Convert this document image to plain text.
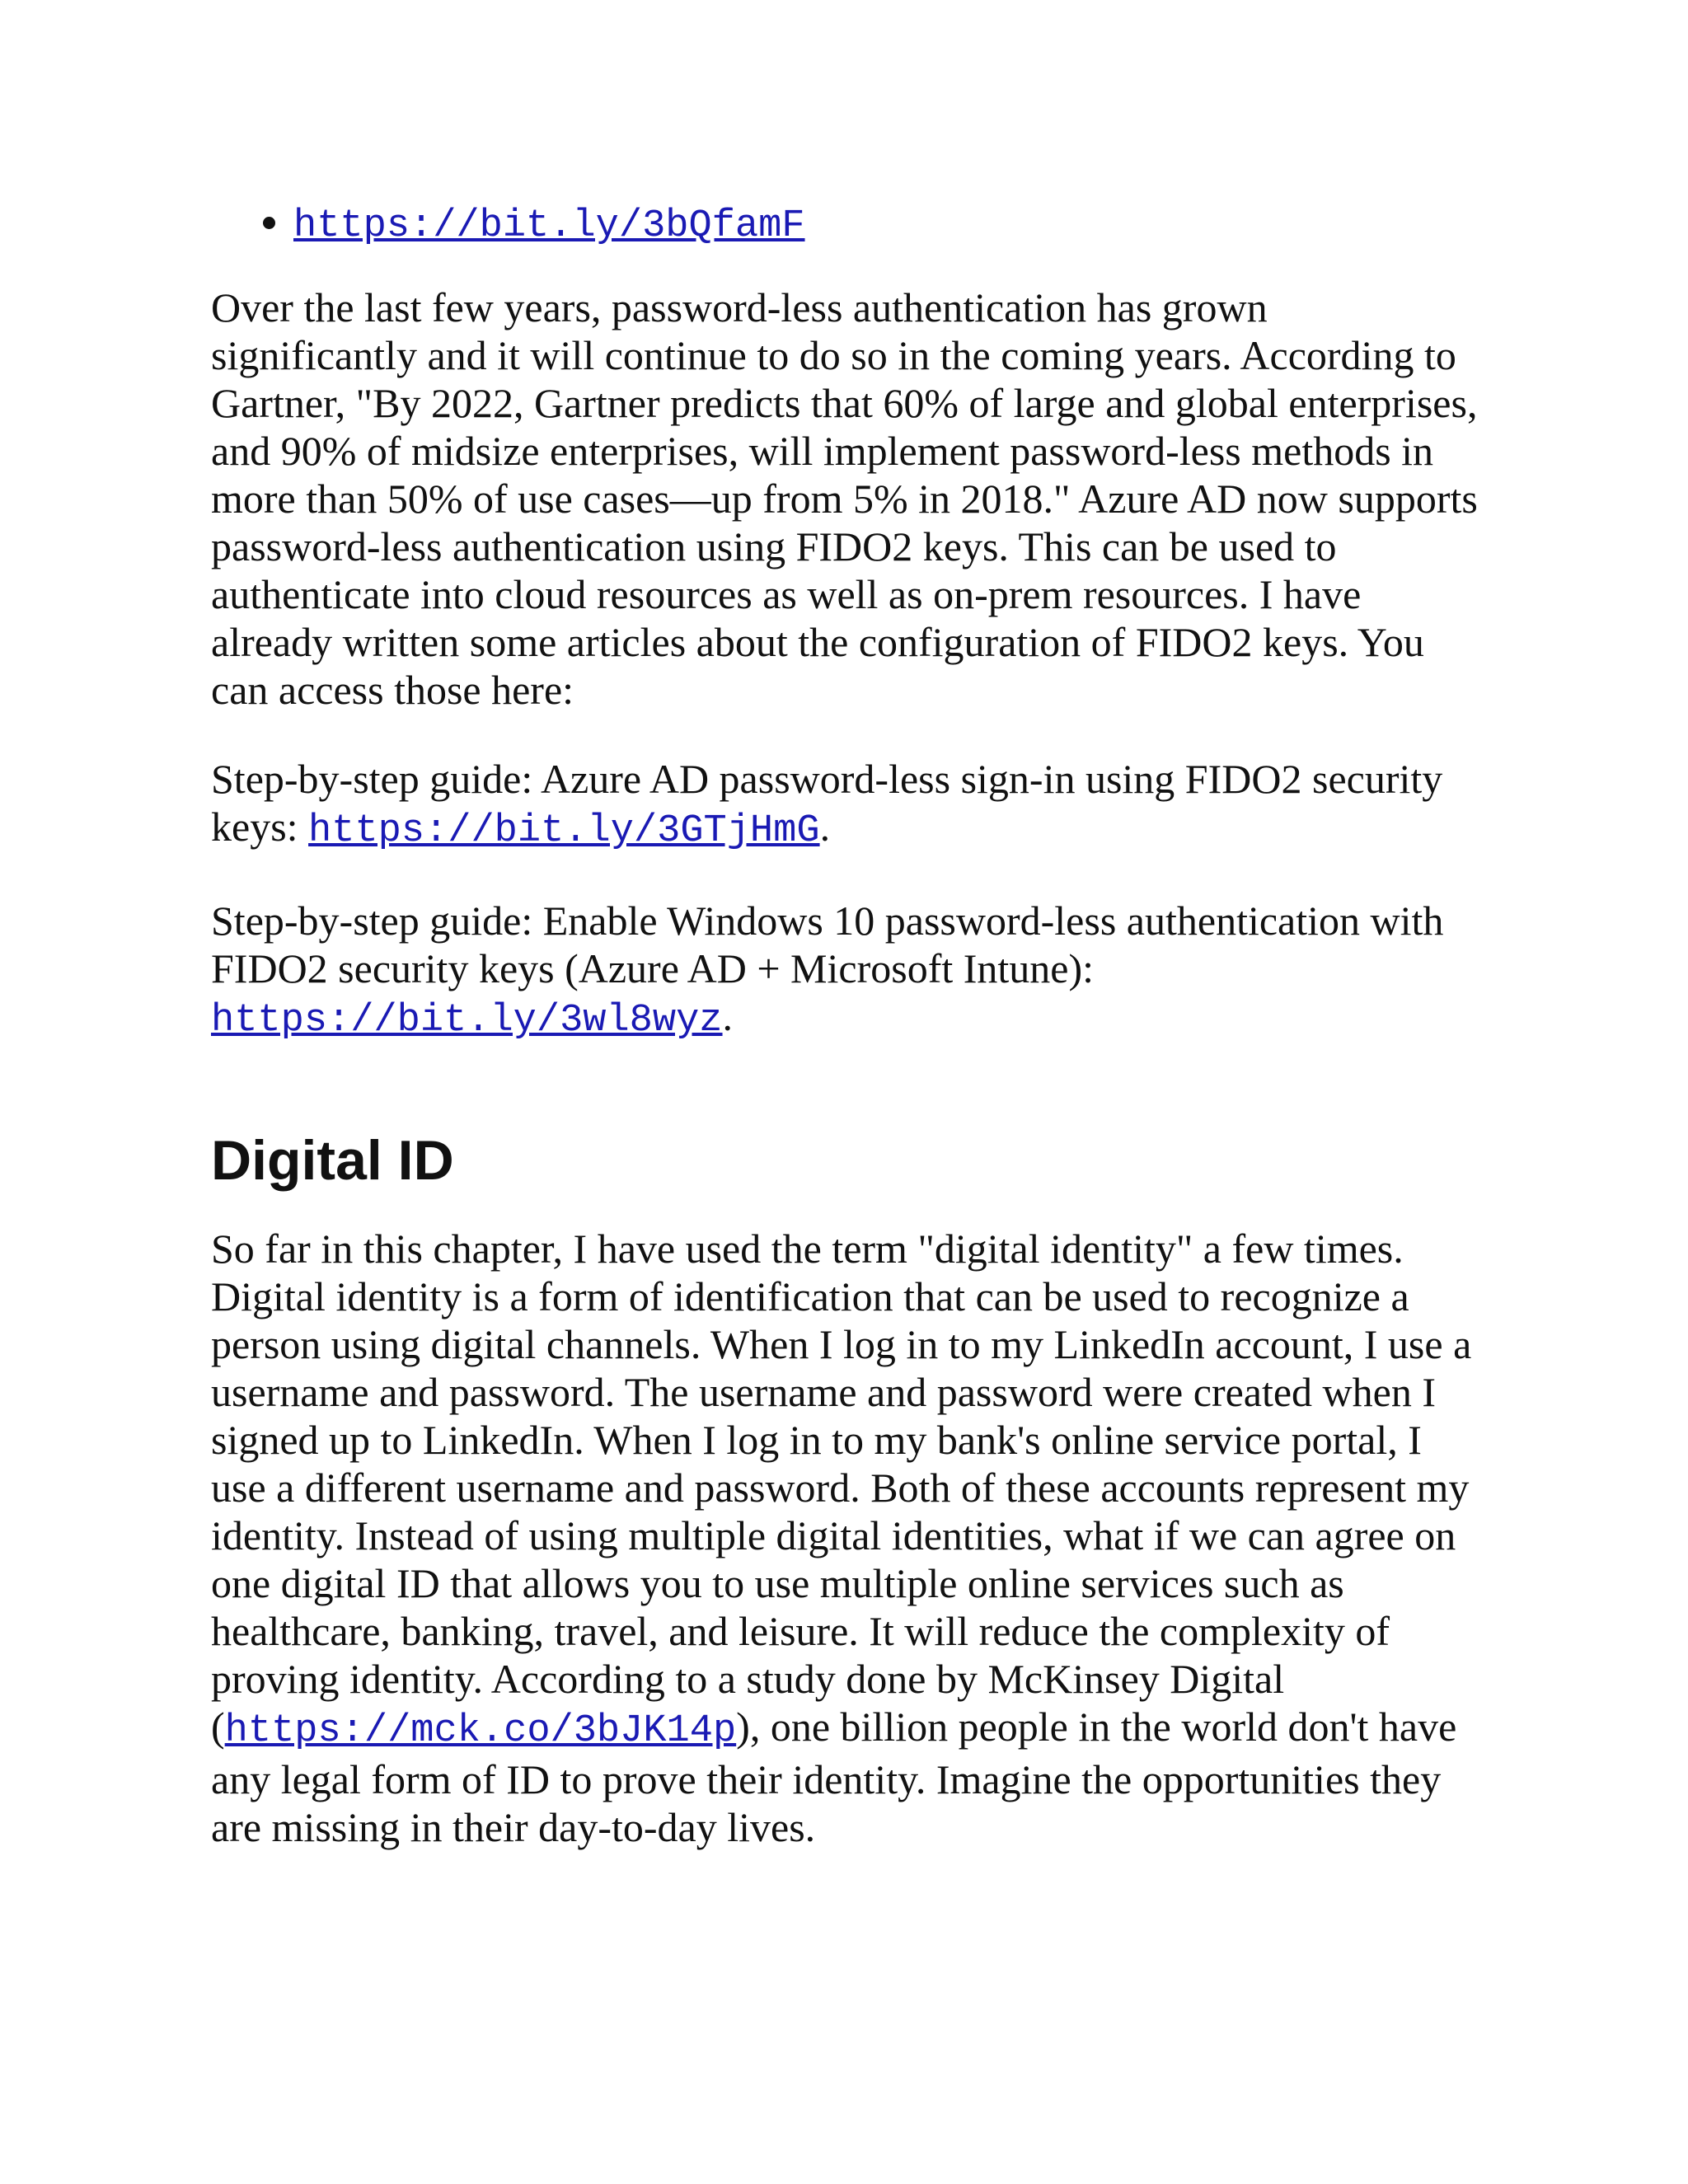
• https://bit.ly/3bQfamF

Over the last few years, password-less authentication has grown significantly and it will continue to do so in the coming years. According to Gartner, "By 2022, Gartner predicts that 60% of large and global enterprises, and 90% of midsize enterprises, will implement password-less methods in more than 50% of use cases—up from 5% in 2018." Azure AD now supports password-less authentication using FIDO2 keys. This can be used to authenticate into cloud resources as well as on-prem resources. I have already written some articles about the configuration of FIDO2 keys. You can access those here:

Step-by-step guide: Azure AD password-less sign-in using FIDO2 security keys: https://bit.ly/3GTjHmG.

Step-by-step guide: Enable Windows 10 password-less authentication with FIDO2 security keys (Azure AD + Microsoft Intune): https://bit.ly/3wl8wyz.

Digital ID

So far in this chapter, I have used the term "digital identity" a few times. Digital identity is a form of identification that can be used to recognize a person using digital channels. When I log in to my LinkedIn account, I use a username and password. The username and password were created when I signed up to LinkedIn. When I log in to my bank's online service portal, I use a different username and password. Both of these accounts represent my identity. Instead of using multiple digital identities, what if we can agree on one digital ID that allows you to use multiple online services such as healthcare, banking, travel, and leisure. It will reduce the complexity of proving identity. According to a study done by McKinsey Digital (https://mck.co/3bJK14p), one billion people in the world don't have any legal form of ID to prove their identity. Imagine the opportunities they are missing in their day-to-day lives.
